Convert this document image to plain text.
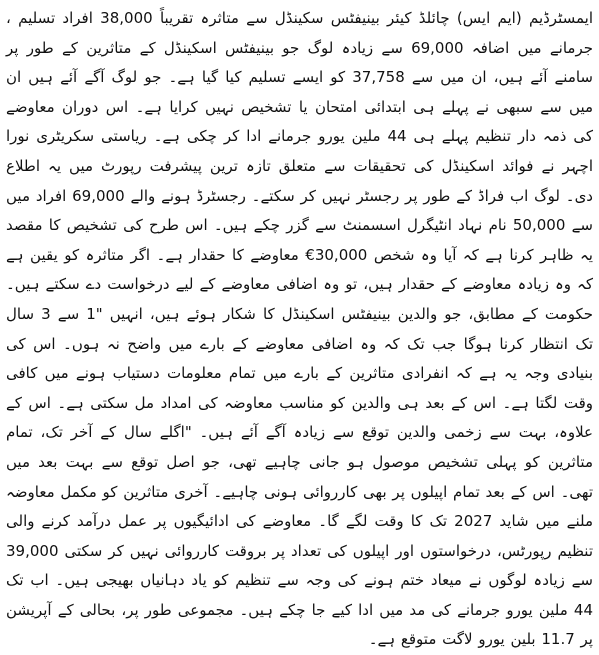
ایمسٹرڈیم (ایم ایس) چائلڈ کیئر بینیفٹس سکینڈل سے متاثرہ تقریباً 38,000 افراد تسلیم ، جرمانے میں اضافہ 69,000 سے زیادہ لوگ جو بینیفٹس اسکینڈل کے متاثرین کے طور پر سامنے آئے ہیں، ان میں سے 37,758 کو ایسے تسلیم کیا گیا ہے۔ جو لوگ آگے آئے ہیں ان میں سے سبھی نے پہلے ہی ابتدائی امتحان یا تشخیص نہیں کرایا ہے۔ اس دوران معاوضے کی ذمہ دار تنظیم پہلے ہی 44 ملین یورو جرمانے ادا کر چکی ہے۔ ریاستی سکریٹری نورا اچہر نے فوائد اسکینڈل کی تحقیقات سے متعلق تازہ ترین پیشرفت رپورٹ میں یہ اطلاع دی۔ لوگ اب فراڈ کے طور پر رجسٹر نہیں کر سکتے۔ رجسٹرڈ ہونے والے 69,000 افراد میں سے 50,000 نام نہاد انٹیگرل اسسمنٹ سے گزر چکے ہیں۔ اس طرح کی تشخیص کا مقصد یہ ظاہر کرنا ہے کہ آیا وہ شخص 30,000€ معاوضے کا حقدار ہے۔ اگر متاثرہ کو یقین ہے کہ وہ زیادہ معاوضے کے حقدار ہیں، تو وہ اضافی معاوضے کے لیے درخواست دے سکتے ہیں۔ حکومت کے مطابق، جو والدین بینیفٹس اسکینڈل کا شکار ہوئے ہیں، انہیں "1 سے 3 سال تک انتظار کرنا ہوگا جب تک کہ وہ اضافی معاوضے کے بارے میں واضح نہ ہوں۔ اس کی بنیادی وجہ یہ ہے کہ انفرادی متاثرین کے بارے میں تمام معلومات دستیاب ہونے میں کافی وقت لگتا ہے۔ اس کے بعد ہی والدین کو مناسب معاوضہ کی امداد مل سکتی ہے۔ اس کے علاوہ، بہت سے زخمی والدین توقع سے زیادہ آگے آئے ہیں۔ "اگلے سال کے آخر تک، تمام متاثرین کو پہلی تشخیص موصول ہو جانی چاہیے تھی، جو اصل توقع سے بہت بعد میں تھی۔ اس کے بعد تمام اپیلوں پر بھی کارروائی ہونی چاہیے۔ آخری متاثرین کو مکمل معاوضہ ملنے میں شاید 2027 تک کا وقت لگے گا۔ معاوضے کی ادائیگیوں پر عمل درآمد کرنے والی تنظیم رپورٹس، درخواستوں اور اپیلوں کی تعداد پر بروقت کارروائی نہیں کر سکتی 39,000 سے زیادہ لوگوں نے میعاد ختم ہونے کی وجہ سے تنظیم کو یاد دہانیاں بھیجی ہیں۔ اب تک 44 ملین یورو جرمانے کی مد میں ادا کیے جا چکے ہیں۔ مجموعی طور پر، بحالی کے آپریشن پر 11.7 بلین یورو لاگت متوقع ہے۔
